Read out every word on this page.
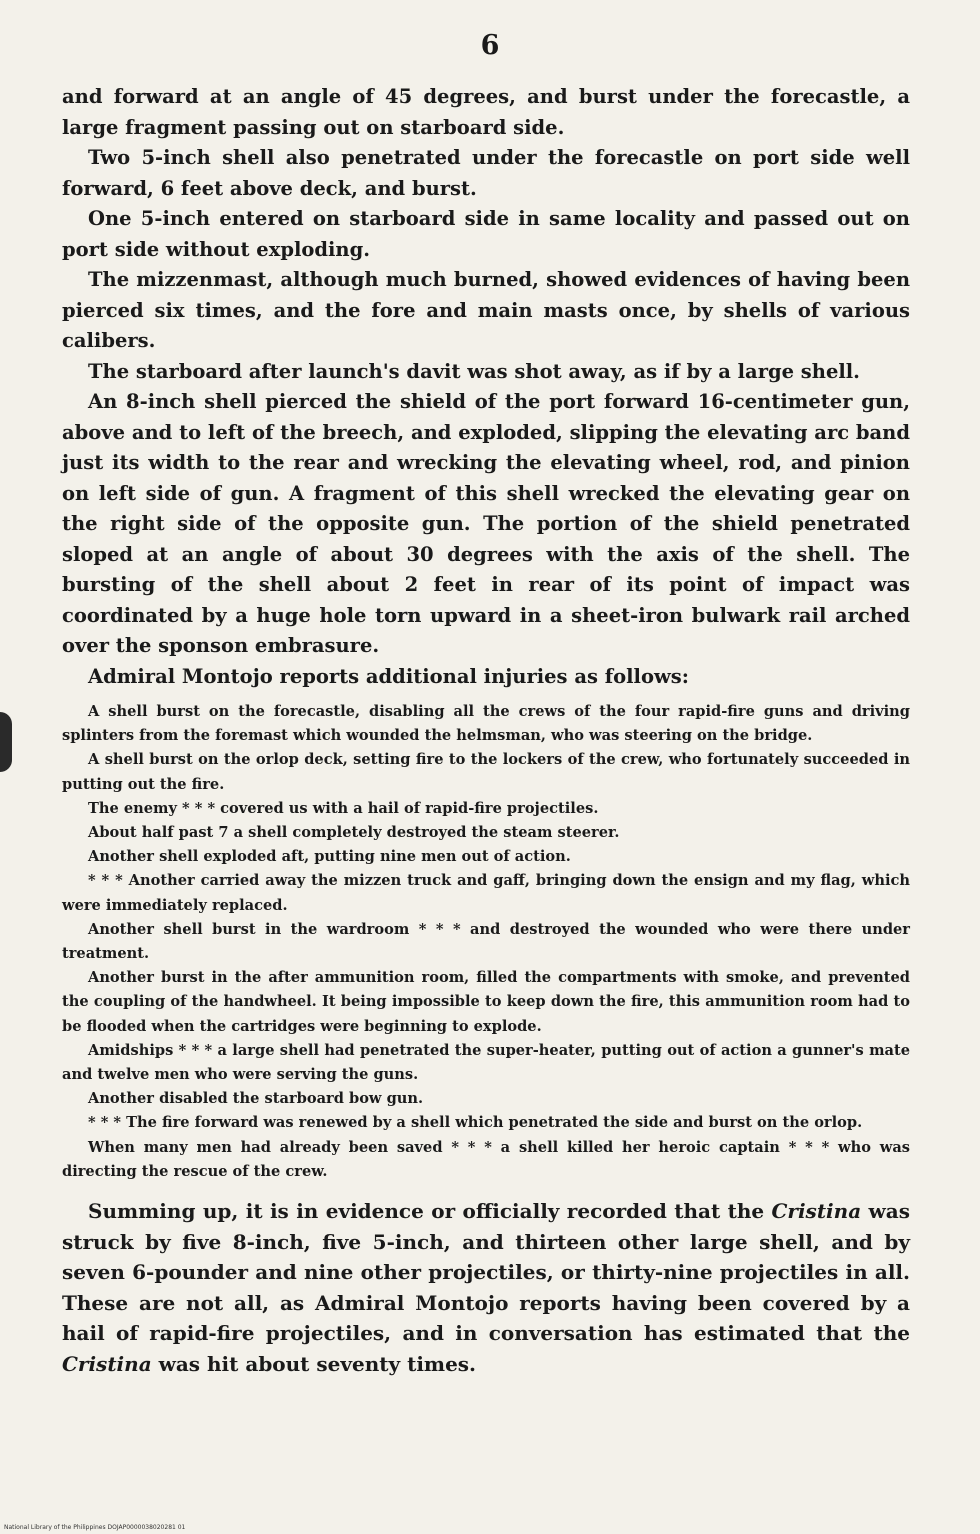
6

and forward at an angle of 45 degrees, and burst under the forecastle, a large fragment passing out on starboard side.

Two 5-inch shell also penetrated under the forecastle on port side well forward, 6 feet above deck, and burst.

One 5-inch entered on starboard side in same locality and passed out on port side without exploding.

The mizzenmast, although much burned, showed evidences of having been pierced six times, and the fore and main masts once, by shells of various calibers.

The starboard after launch's davit was shot away, as if by a large shell.

An 8-inch shell pierced the shield of the port forward 16-centimeter gun, above and to left of the breech, and exploded, slipping the elevating arc band just its width to the rear and wrecking the elevating wheel, rod, and pinion on left side of gun. A fragment of this shell wrecked the elevating gear on the right side of the opposite gun. The portion of the shield penetrated sloped at an angle of about 30 degrees with the axis of the shell. The bursting of the shell about 2 feet in rear of its point of impact was coordinated by a huge hole torn upward in a sheet-iron bulwark rail arched over the sponson embrasure.

Admiral Montojo reports additional injuries as follows:

A shell burst on the forecastle, disabling all the crews of the four rapid-fire guns and driving splinters from the foremast which wounded the helmsman, who was steering on the bridge.

A shell burst on the orlop deck, setting fire to the lockers of the crew, who fortunately succeeded in putting out the fire.

The enemy * * * covered us with a hail of rapid-fire projectiles.

About half past 7 a shell completely destroyed the steam steerer.

Another shell exploded aft, putting nine men out of action.

* * * Another carried away the mizzen truck and gaff, bringing down the ensign and my flag, which were immediately replaced.

Another shell burst in the wardroom * * * and destroyed the wounded who were there under treatment.

Another burst in the after ammunition room, filled the compartments with smoke, and prevented the coupling of the handwheel. It being impossible to keep down the fire, this ammunition room had to be flooded when the cartridges were beginning to explode.

Amidships * * * a large shell had penetrated the super-heater, putting out of action a gunner's mate and twelve men who were serving the guns.

Another disabled the starboard bow gun.

* * * The fire forward was renewed by a shell which penetrated the side and burst on the orlop.

When many men had already been saved * * * a shell killed her heroic captain * * * who was directing the rescue of the crew.

Summing up, it is in evidence or officially recorded that the Cristina was struck by five 8-inch, five 5-inch, and thirteen other large shell, and by seven 6-pounder and nine other projectiles, or thirty-nine projectiles in all. These are not all, as Admiral Montojo reports having been covered by a hail of rapid-fire projectiles, and in conversation has estimated that the Cristina was hit about seventy times.

National Library of the Philippines DOJAP0000038020281 01
